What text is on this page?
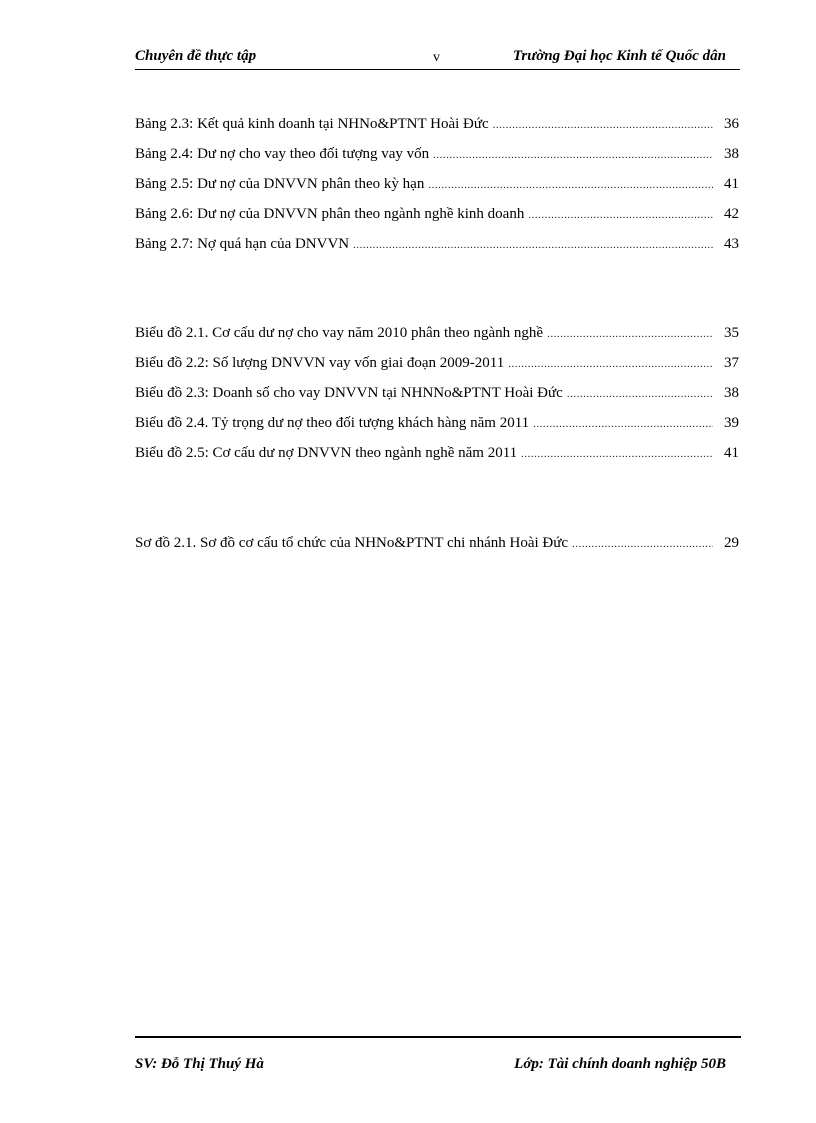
Chuyên đề thực tập	v	Trường Đại học Kinh tế Quốc dân
Bảng 2.3: Kết quả kinh doanh tại NHNo&PTNT Hoài Đức .....	36
Bảng 2.4: Dư nợ cho vay theo đối tượng vay vốn .....	38
Bảng 2.5: Dư nợ của DNVVN phân theo kỳ hạn .....	41
Bảng 2.6: Dư nợ của DNVVN phân theo ngành nghề kinh doanh .....	42
Bảng 2.7: Nợ quá hạn của DNVVN .....	43
Biểu đồ 2.1. Cơ cấu dư nợ cho vay năm 2010 phân theo ngành nghề .....	35
Biểu đồ 2.2: Số lượng DNVVN vay vốn giai đoạn 2009-2011 .....	37
Biểu đồ 2.3: Doanh số cho vay DNVVN tại NHNNo&PTNT Hoài Đức .....	38
Biểu đồ 2.4. Tỷ trọng dư nợ theo đối tượng khách hàng năm 2011 .....	39
Biểu đồ 2.5: Cơ cấu dư nợ DNVVN theo ngành nghề năm 2011 .....	41
Sơ đồ 2.1. Sơ đồ cơ cấu tổ chức của NHNo&PTNT chi nhánh Hoài Đức .....	29
SV: Đỗ Thị Thuý Hà	Lớp: Tài chính doanh nghiệp 50B
